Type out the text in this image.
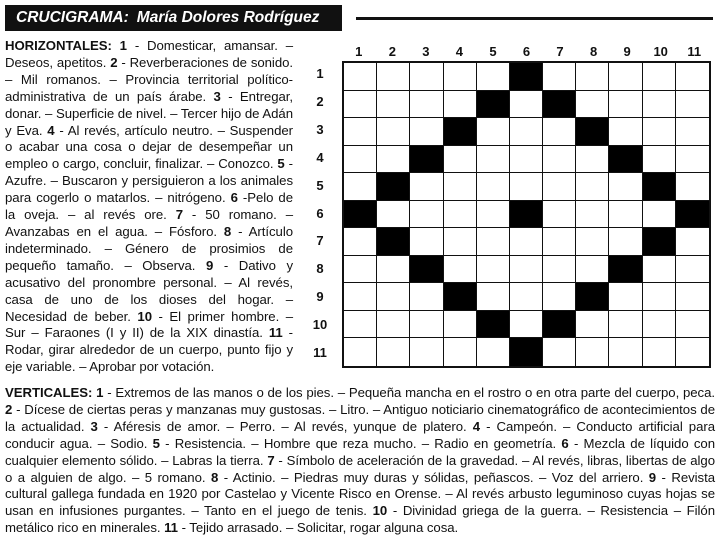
CRUCIGRAMA: María Dolores Rodríguez
HORIZONTALES: 1 - Domesticar, amansar. – Deseos, apetitos. 2 - Reverberaciones de sonido. – Mil romanos. – Provincia territorial político-administrativa de un país árabe. 3 - Entregar, donar. – Superficie de nivel. – Tercer hijo de Adán y Eva. 4 - Al revés, artículo neutro. – Suspender o acabar una cosa o dejar de desempeñar un empleo o cargo, concluir, finalizar. – Conozco. 5 - Azufre. – Buscaron y persiguieron a los animales para cogerlo o matarlos. – nitrógeno. 6 -Pelo de la oveja. – al revés ore. 7 - 50 romano. – Avanzabas en el agua. – Fósforo. 8 - Artículo indeterminado. – Género de prosimios de pequeño tamaño. – Observa. 9 - Dativo y acusativo del pronombre personal. – Al revés, casa de uno de los dioses del hogar. – Necesidad de beber. 10 - El primer hombre. – Sur – Faraones (I y II) de la XIX dinastía. 11 - Rodar, girar alrededor de un cuerpo, punto fijo y eje variable. – Aprobar por votación.
1	2	3	4	5	6	7	8	9	10	11
1
2
3
4
5
6
7
8
9
10
11
VERTICALES: 1 - Extremos de las manos o de los pies. – Pequeña mancha en el rostro o en otra parte del cuerpo, peca. 2 - Dícese de ciertas peras y manzanas muy gustosas. – Litro. – Antiguo noticiario cinematográfico de acontecimientos de la actualidad. 3 - Aféresis de amor. – Perro. – Al revés, yunque de platero. 4 - Campeón. – Conducto artificial para conducir agua. – Sodio. 5 - Resistencia. – Hombre que reza mucho. – Radio en geometría. 6 - Mezcla de líquido con cualquier elemento sólido. – Labras la tierra. 7 - Símbolo de aceleración de la gravedad. – Al revés, libras, libertas de algo o a alguien de algo. – 5 romano. 8 - Actinio. – Piedras muy duras y sólidas, peñascos. – Voz del arriero. 9 - Revista cultural gallega fundada en 1920 por Castelao y Vicente Risco en Orense. – Al revés arbusto leguminoso cuyas hojas se usan en infusiones purgantes. – Tanto en el juego de tenis. 10 - Divinidad griega de la guerra. – Resistencia – Filón metálico rico en minerales. 11 - Tejido arrasado. – Solicitar, rogar alguna cosa.
